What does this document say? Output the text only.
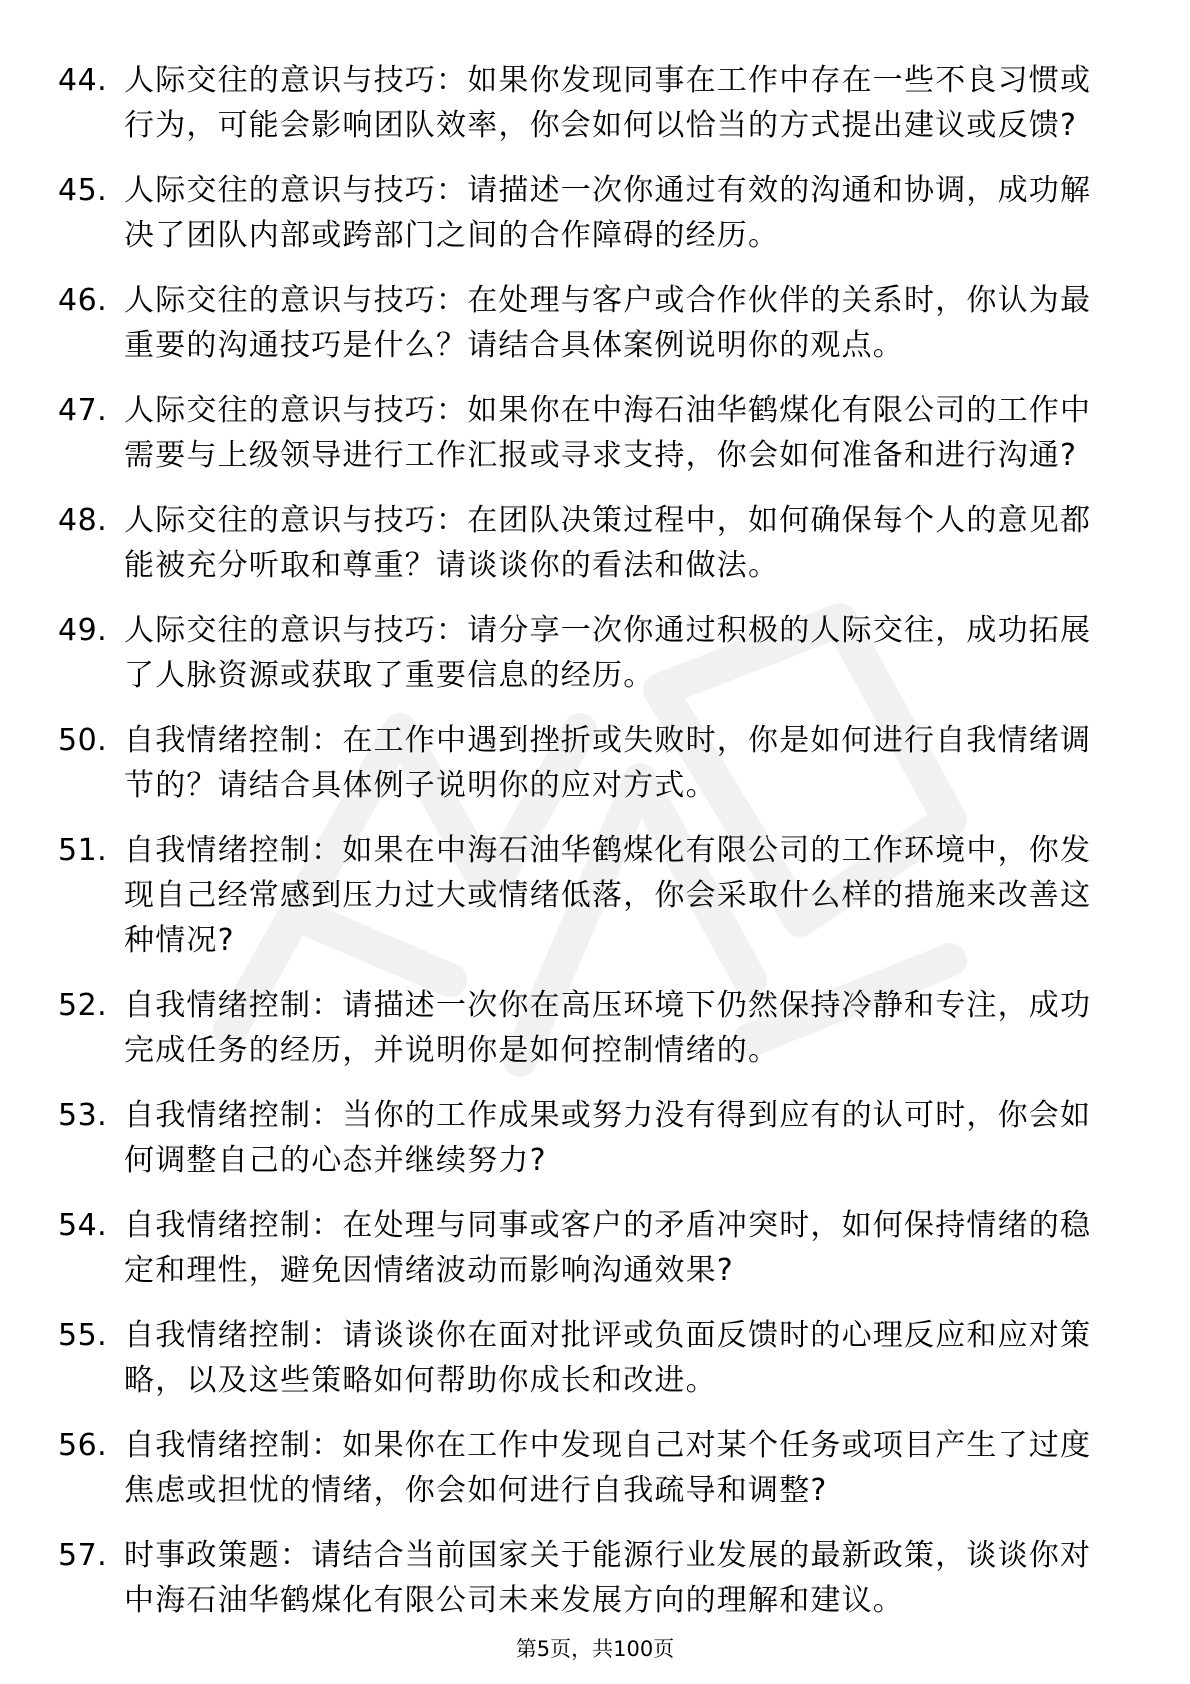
44. 人际交往的意识与技巧：如果你发现同事在工作中存在一些不良习惯或行为，可能会影响团队效率，你会如何以恰当的方式提出建议或反馈?
45. 人际交往的意识与技巧：请描述一次你通过有效的沟通和协调，成功解决了团队内部或跨部门之间的合作障碍的经历。
46. 人际交往的意识与技巧：在处理与客户或合作伙伴的关系时，你认为最重要的沟通技巧是什么？请结合具体案例说明你的观点。
47. 人际交往的意识与技巧：如果你在中海石油华鹤煤化有限公司的工作中需要与上级领导进行工作汇报或寻求支持，你会如何准备和进行沟通?
48. 人际交往的意识与技巧：在团队决策过程中，如何确保每个人的意见都能被充分听取和尊重？请谈谈你的看法和做法。
49. 人际交往的意识与技巧：请分享一次你通过积极的人际交往，成功拓展了人脉资源或获取了重要信息的经历。
50. 自我情绪控制：在工作中遇到挫折或失败时，你是如何进行自我情绪调节的？请结合具体例子说明你的应对方式。
51. 自我情绪控制：如果在中海石油华鹤煤化有限公司的工作环境中，你发现自己经常感到压力过大或情绪低落，你会采取什么样的措施来改善这种情况?
52. 自我情绪控制：请描述一次你在高压环境下仍然保持冷静和专注，成功完成任务的经历，并说明你是如何控制情绪的。
53. 自我情绪控制：当你的工作成果或努力没有得到应有的认可时，你会如何调整自己的心态并继续努力?
54. 自我情绪控制：在处理与同事或客户的矛盾冲突时，如何保持情绪的稳定和理性，避免因情绪波动而影响沟通效果?
55. 自我情绪控制：请谈谈你在面对批评或负面反馈时的心理反应和应对策略，以及这些策略如何帮助你成长和改进。
56. 自我情绪控制：如果你在工作中发现自己对某个任务或项目产生了过度焦虑或担忧的情绪，你会如何进行自我疏导和调整?
57. 时事政策题：请结合当前国家关于能源行业发展的最新政策，谈谈你对中海石油华鹤煤化有限公司未来发展方向的理解和建议。
第5页，共100页
